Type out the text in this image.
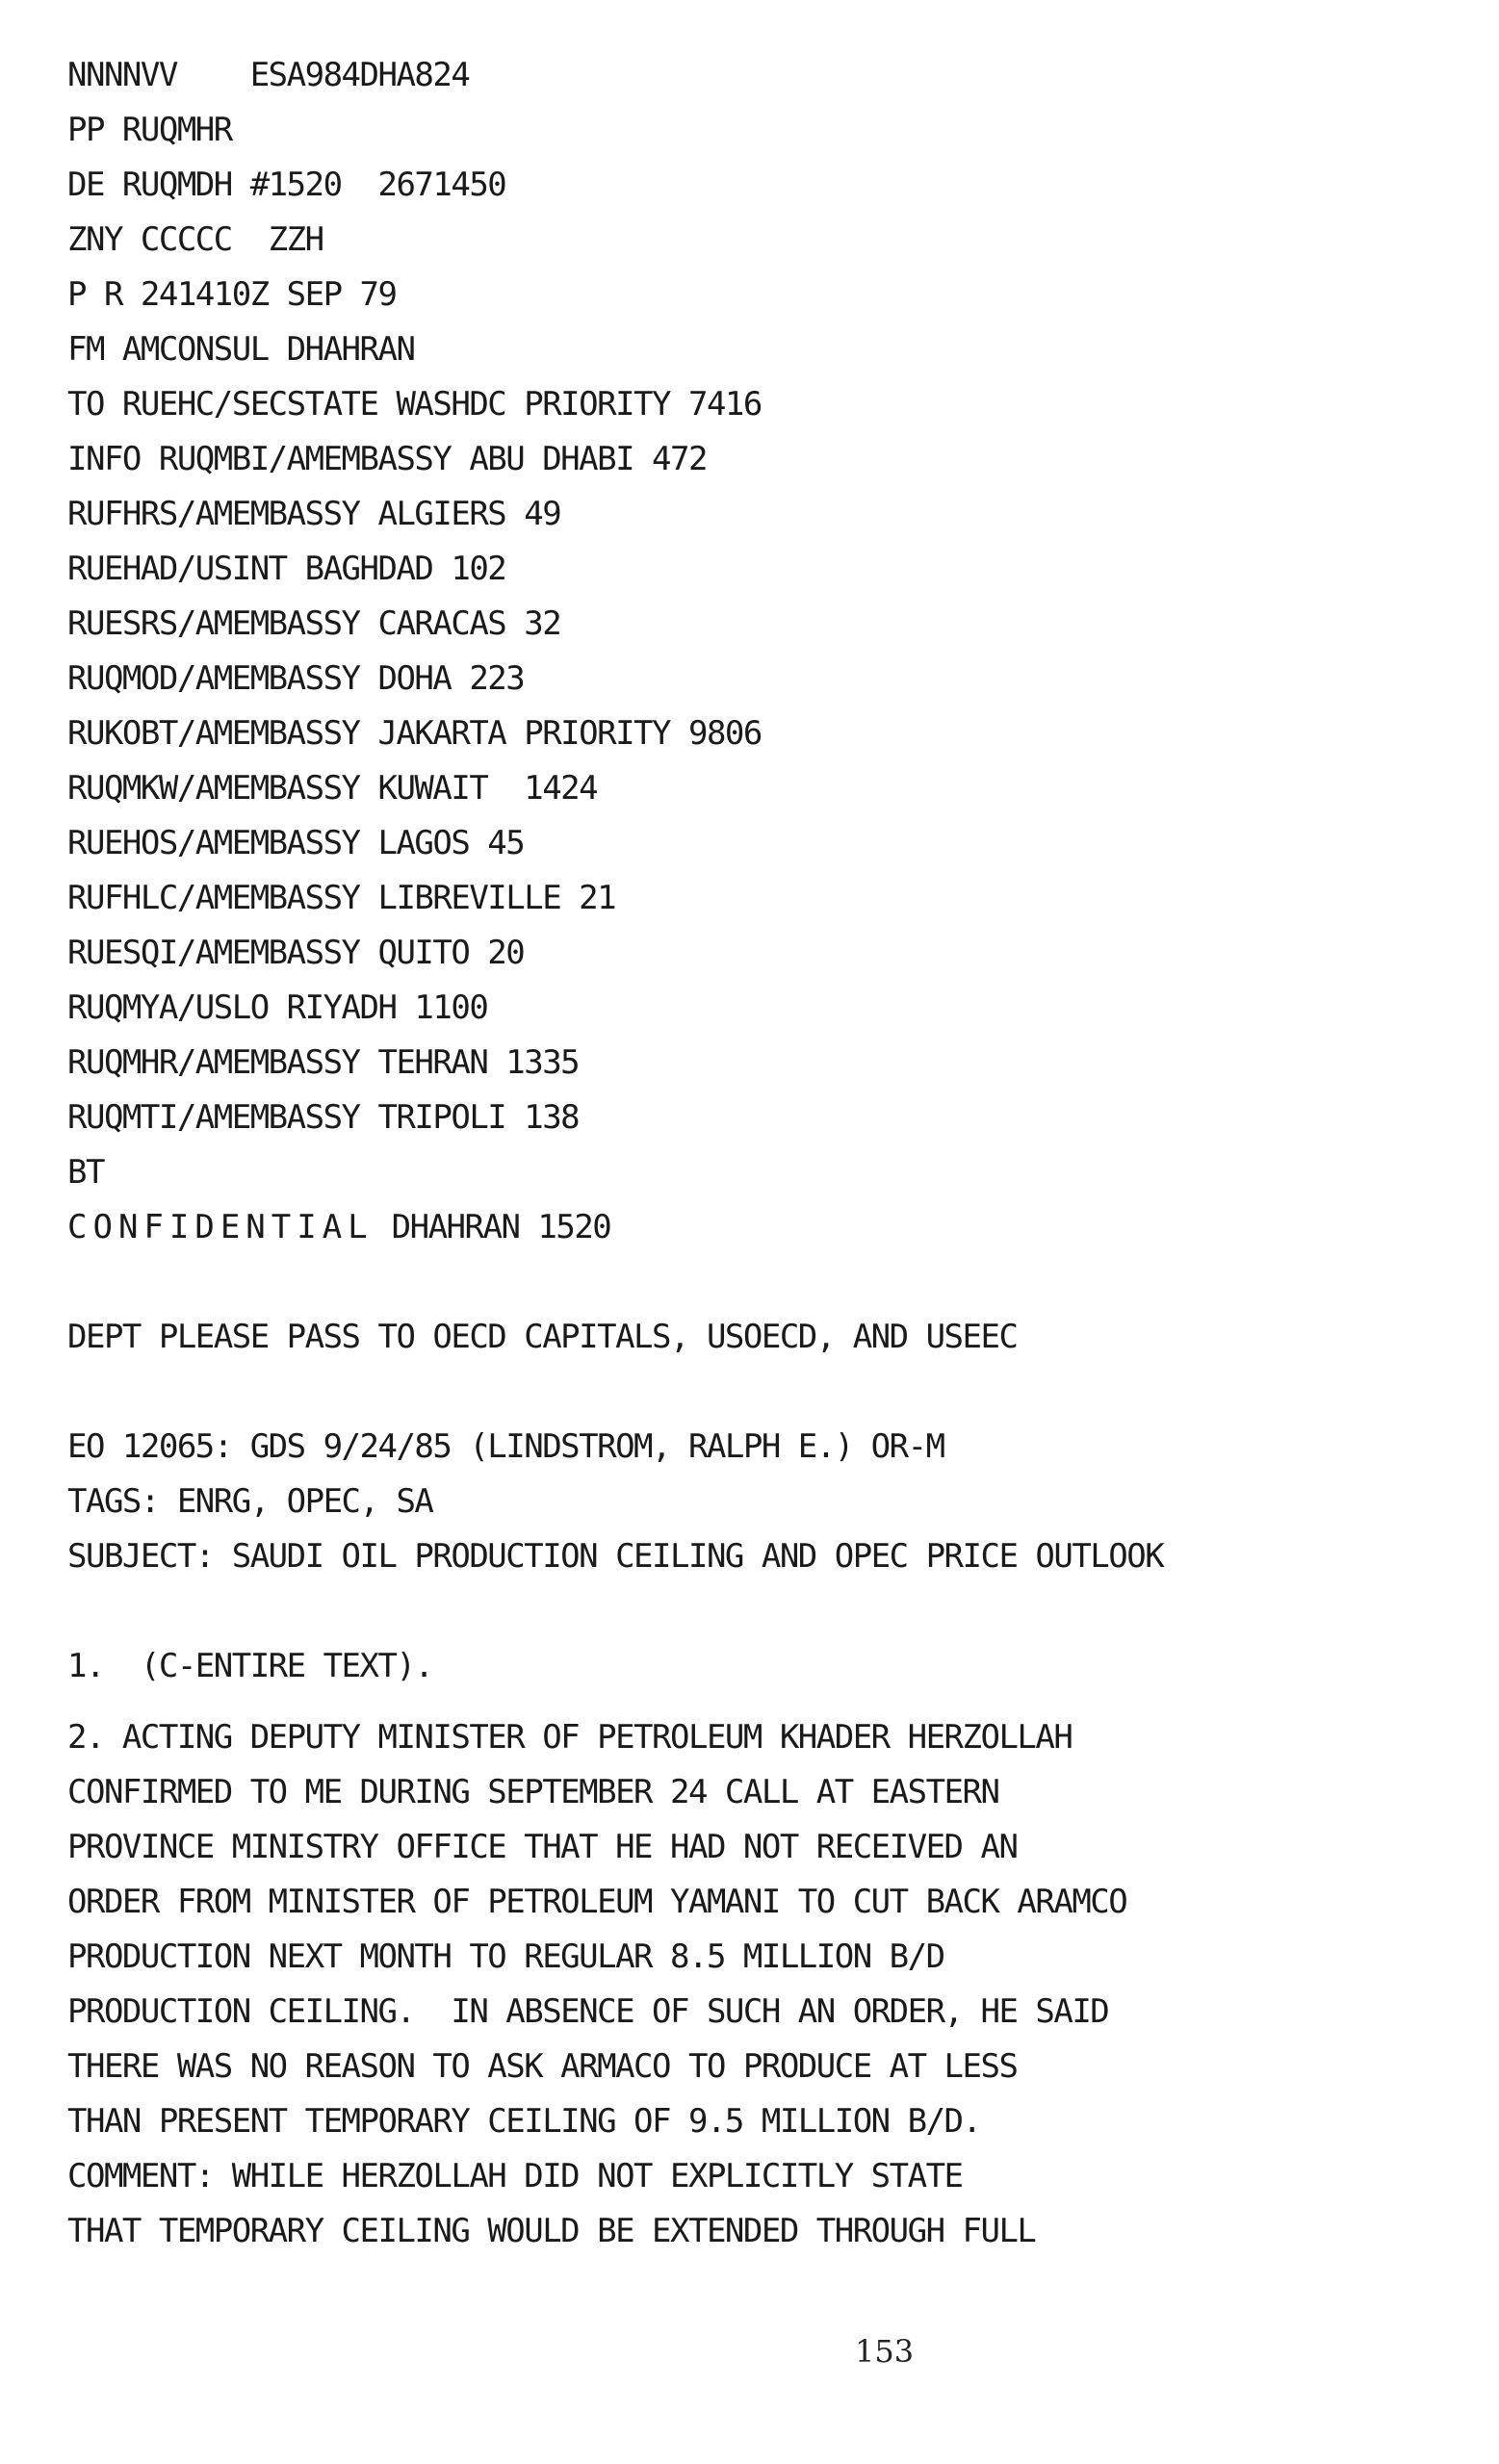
NNNNVV    ESA984DHA824
PP RUQMHR
DE RUQMDH #1520  2671450
ZNY CCCCC  ZZH
P R 241410Z SEP 79
FM AMCONSUL DHAHRAN
TO RUEHC/SECSTATE WASHDC PRIORITY 7416
INFO RUQMBI/AMEMBASSY ABU DHABI 472
RUFHRS/AMEMBASSY ALGIERS 49
RUEHAD/USINT BAGHDAD 102
RUESRS/AMEMBASSY CARACAS 32
RUQMOD/AMEMBASSY DOHA 223
RUKOBT/AMEMBASSY JAKARTA PRIORITY 9806
RUQMKW/AMEMBASSY KUWAIT  1424
RUEHOS/AMEMBASSY LAGOS 45
RUFHLC/AMEMBASSY LIBREVILLE 21
RUESQI/AMEMBASSY QUITO 20
RUQMYA/USLO RIYADH 1100
RUQMHR/AMEMBASSY TEHRAN 1335
RUQMTI/AMEMBASSY TRIPOLI 138
BT
CONFIDENTIAL DHAHRAN 1520
DEPT PLEASE PASS TO OECD CAPITALS, USOECD, AND USEEC
EO 12065: GDS 9/24/85 (LINDSTROM, RALPH E.) OR-M
TAGS: ENRG, OPEC, SA
SUBJECT: SAUDI OIL PRODUCTION CEILING AND OPEC PRICE OUTLOOK
1.  (C-ENTIRE TEXT).
2. ACTING DEPUTY MINISTER OF PETROLEUM KHADER HERZOLLAH
CONFIRMED TO ME DURING SEPTEMBER 24 CALL AT EASTERN
PROVINCE MINISTRY OFFICE THAT HE HAD NOT RECEIVED AN
ORDER FROM MINISTER OF PETROLEUM YAMANI TO CUT BACK ARAMCO
PRODUCTION NEXT MONTH TO REGULAR 8.5 MILLION B/D
PRODUCTION CEILING.  IN ABSENCE OF SUCH AN ORDER, HE SAID
THERE WAS NO REASON TO ASK ARMACO TO PRODUCE AT LESS
THAN PRESENT TEMPORARY CEILING OF 9.5 MILLION B/D.
COMMENT: WHILE HERZOLLAH DID NOT EXPLICITLY STATE
THAT TEMPORARY CEILING WOULD BE EXTENDED THROUGH FULL
153
